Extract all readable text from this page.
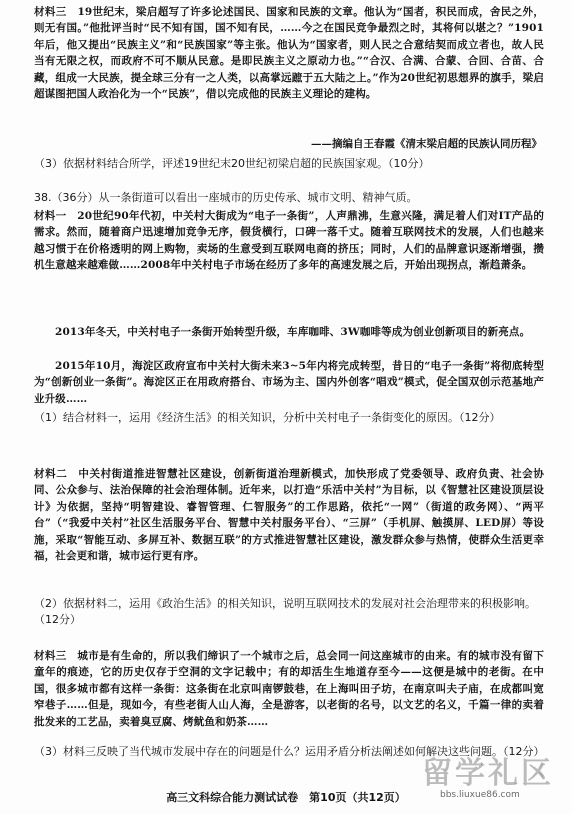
材料三　19世纪末，梁启超写了许多论述国民、国家和民族的文章。他认为“国者，积民而成，舍民之外，则无有国。”他批评当时“民不知有国，国不知有民，……今之在国民竞争最烈之时，其将何以堪之？”1901年后，他又提出“民族主义”和“民族国家”等主张。他认为“国家者，则人民之合意结契而成立者也，故人民当有无限之权，而政府不可不顺从民意。是即民族主义之原动力也。”“合汉、合满、合蒙、合回、合苗、合藏，组成一大民族，提全球三分有一之人类，以高掌远蹠于五大陆之上。”作为20世纪初思想界的旗手，梁启超谋图把国人政治化为一个“民族”，借以完成他的民族主义理论的建构。
——摘编自王春霞《清末梁启超的民族认同历程》
（3）依据材料结合所学，评述19世纪末20世纪初梁启超的民族国家观。（10分）
38.（36分）从一条街道可以看出一座城市的历史传承、城市文明、精神气质。
材料一　20世纪90年代初，中关村大街成为“电子一条街”，人声鼎沸，生意兴隆，满足着人们对IT产品的需求。然而，随着商户迅速增加竞争无序，假货横行，口碑一落千丈。随着互联网技术的发展，人们也越来越习惯于在价格透明的网上购物，卖场的生意受到互联网电商的挤压；同时，人们的品牌意识逐渐增强，攒机生意越来越难做……2008年中关村电子市场在经历了多年的高速发展之后，开始出现拐点，渐趋萧条。
2013年冬天，中关村电子一条街开始转型升级，车库咖啡、3W咖啡等成为创业创新项目的新亮点。
2015年10月，海淀区政府宣布中关村大街未来3~5年内将完成转型，昔日的“电子一条街”将彻底转型为“创新创业一条街”。海淀区正在用政府搭台、市场为主、国内外创客“唱戏”模式，促全国双创示范基地产业升级……
（1）结合材料一，运用《经济生活》的相关知识，分析中关村电子一条街变化的原因。（12分）
材料二　中关村街道推进智慧社区建设，创新街道治理新模式，加快形成了党委领导、政府负责、社会协同、公众参与、法治保障的社会治理体制。近年来，以打造“乐活中关村”为目标，以《智慧社区建设顶层设计》为依据，坚持“明智建设、睿智管理、仁智服务”的工作思路，依托“一网”（街道的政务网）、“两平台”（“我爱中关村”社区生活服务平台、智慧中关村服务平台）、“三屏”（手机屏、触摸屏、LED屏）等设施，采取“智能互动、多屏互补、数据互联”的方式推进智慧社区建设，激发群众参与热情，使群众生活更幸福，社会更和谐，城市运行更有序。
（2）依据材料二，运用《政治生活》的相关知识，说明互联网技术的发展对社会治理带来的积极影响。（12分）
材料三　城市是有生命的，所以我们缔识了一个城市之后，总会同一问这座城市的由来。有的城市没有留下童年的痕迹，它的历史仅存于空洞的文字记载中；有的却活生生地道存至今——这便是城中的老街。在中国，很多城市都有这样一条街：这条街在北京叫南锣鼓巷，在上海叫田子坊，在南京叫夫子庙，在成都叫宽窄巷子……但是，现如今，有些老街人山人海，全是游客，以老街的名号，以文艺的名义，千篇一律的卖着批发来的工艺品，卖着臭豆腐、烤鱿鱼和奶茶……
（3）材料三反映了当代城市发展中存在的问题是什么？运用矛盾分析法阐述如何解决这些问题。（12分）
高三文科综合能力测试试卷　第10页（共12页）
留学礼区
bbs.liuxue86.com
